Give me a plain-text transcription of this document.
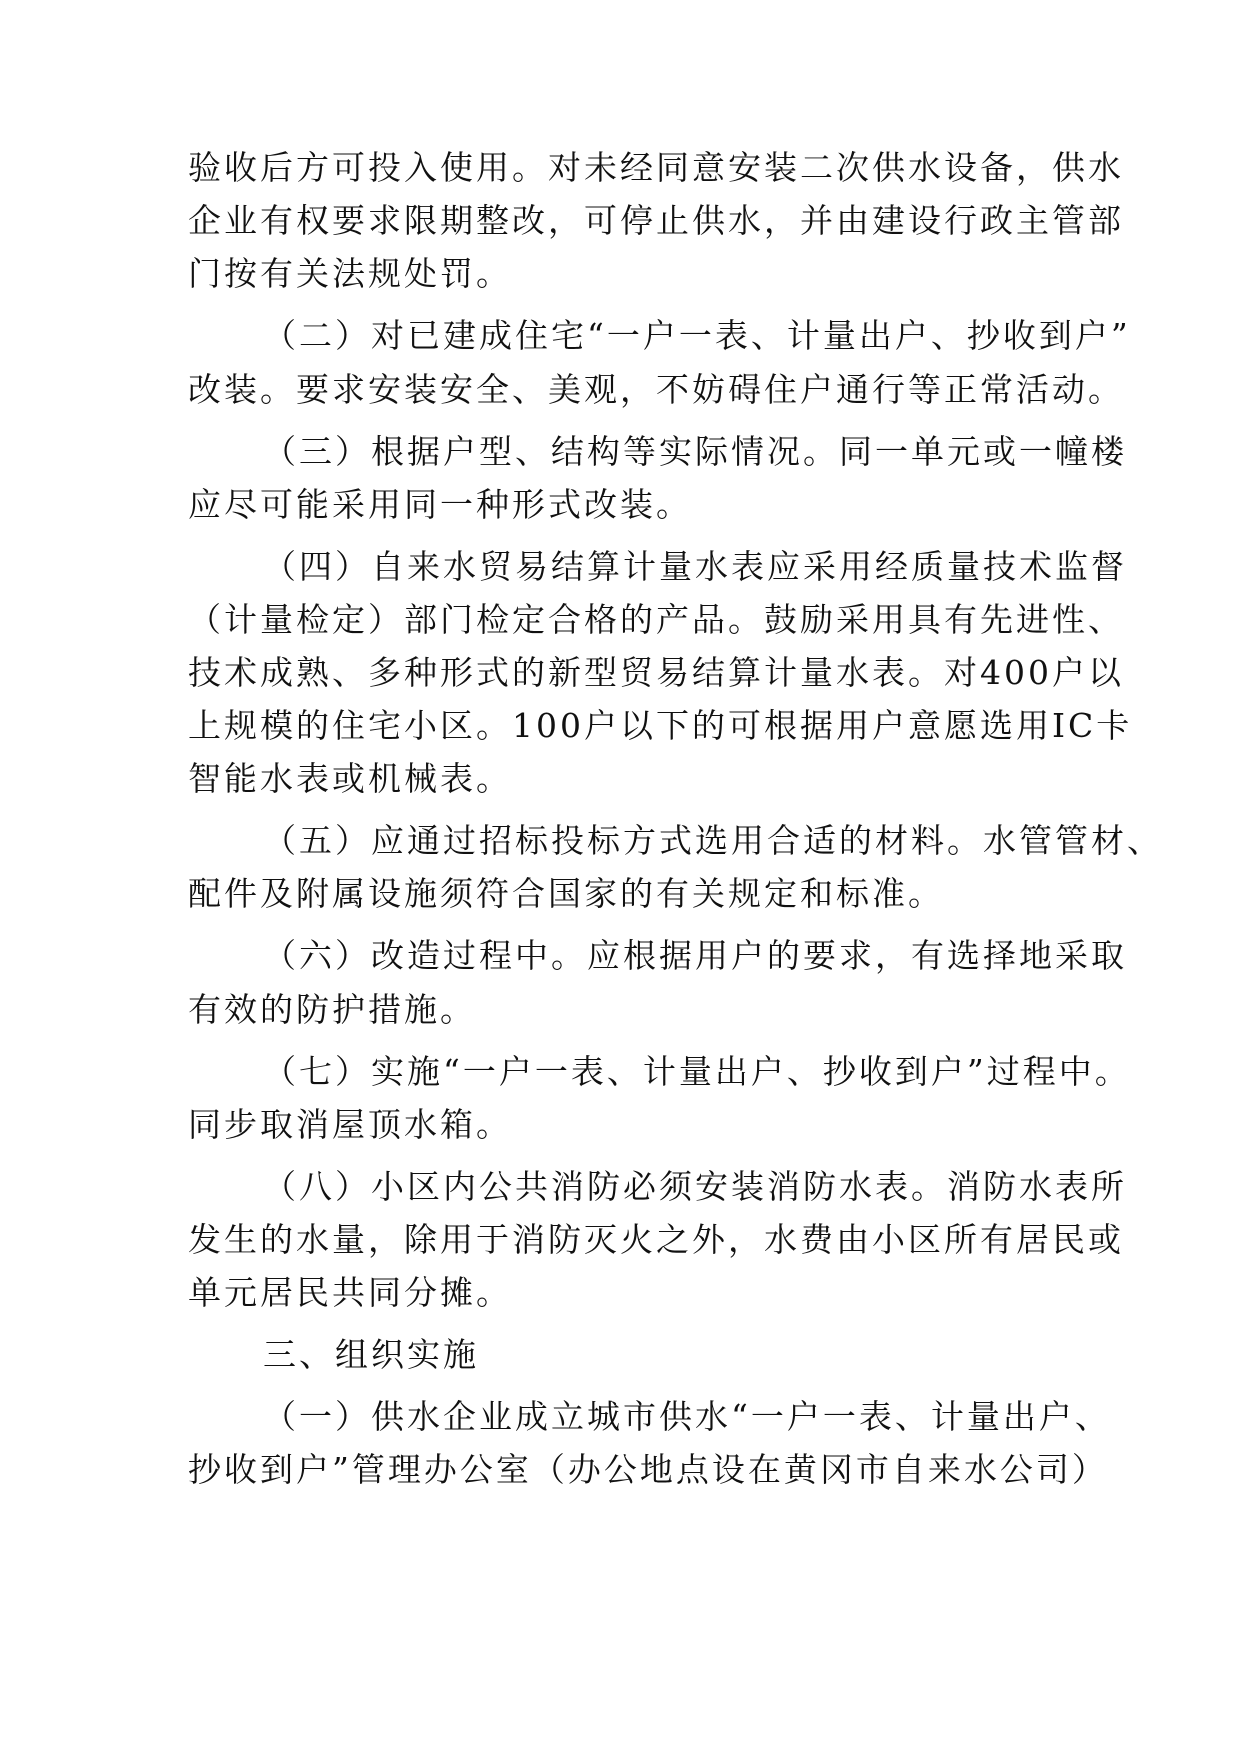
验收后方可投入使用。对未经同意安装二次供水设备，供水
企业有权要求限期整改，可停止供水，并由建设行政主管部
门按有关法规处罚。
（二）对已建成住宅“一户一表、计量出户、抄收到户”
改装。要求安装安全、美观，不妨碍住户通行等正常活动。
（三）根据户型、结构等实际情况。同一单元或一幢楼
应尽可能采用同一种形式改装。
（四）自来水贸易结算计量水表应采用经质量技术监督
（计量检定）部门检定合格的产品。鼓励采用具有先进性、
技术成熟、多种形式的新型贸易结算计量水表。对400户以
上规模的住宅小区。100户以下的可根据用户意愿选用IC卡
智能水表或机械表。
（五）应通过招标投标方式选用合适的材料。水管管材、
配件及附属设施须符合国家的有关规定和标准。
（六）改造过程中。应根据用户的要求，有选择地采取
有效的防护措施。
（七）实施“一户一表、计量出户、抄收到户”过程中。
同步取消屋顶水箱。
（八）小区内公共消防必须安装消防水表。消防水表所
发生的水量，除用于消防灭火之外，水费由小区所有居民或
单元居民共同分摊。
三、组织实施
（一）供水企业成立城市供水“一户一表、计量出户、
抄收到户”管理办公室（办公地点设在黄冈市自来水公司）
